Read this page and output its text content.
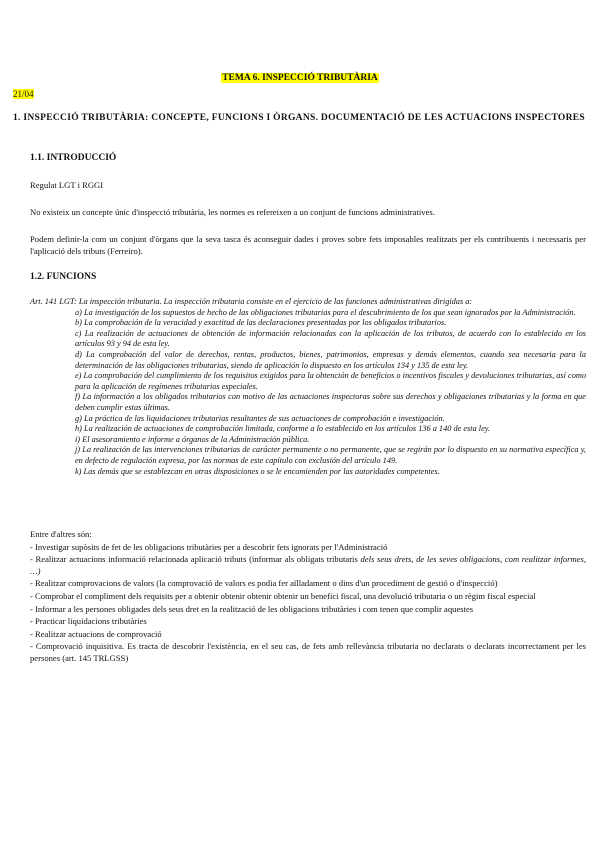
TEMA 6. INSPECCIÓ TRIBUTÀRIA
21/04
1. INSPECCIÓ TRIBUTÀRIA: CONCEPTE, FUNCIONS I ÒRGANS. DOCUMENTACIÓ DE LES ACTUACIONS INSPECTORES
1.1. INTRODUCCIÓ
Regulat LGT i RGGI
No existeix un concepte únic d'inspecció tributària, les normes es refereixen a un conjunt de funcions administratives.
Podem definir-la com un conjunt d'òrgans que la seva tasca és aconseguir dades i proves sobre fets imposables realitzats per els contribuents i necessaris per l'aplicació dels tributs (Ferreiro).
1.2. FUNCIONS
Art. 141 LGT: La inspección tributaria. La inspección tributaria consiste en el ejercicio de las funciones administrativas dirigidas a:
a) La investigación de los supuestos de hecho de las obligaciones tributarias para el descubrimiento de los que sean ignorados por la Administración.
b) La comprobación de la veracidad y exactitud de las declaraciones presentadas por los obligados tributarios.
c) La realización de actuaciones de obtención de información relacionadas con la aplicación de los tributos, de acuerdo con lo establecido en los artículos 93 y 94 de esta ley.
d) La comprobación del valor de derechos, rentas, productos, bienes, patrimonios, empresas y demás elementos, cuando sea necesaria para la determinación de las obligaciones tributarias, siendo de aplicación lo dispuesto en los artículos 134 y 135 de esta ley.
e) La comprobación del cumplimiento de los requisitos exigidos para la obtención de beneficios o incentivos fiscales y devoluciones tributarias, así como para la aplicación de regímenes tributarios especiales.
f) La información a los obligados tributarios con motivo de las actuaciones inspectoras sobre sus derechos y obligaciones tributarias y la forma en que deben cumplir estas últimas.
g) La práctica de las liquidaciones tributarias resultantes de sus actuaciones de comprobación e investigación.
h) La realización de actuaciones de comprobación limitada, conforme a lo establecido en los artículos 136 a 140 de esta ley.
i) El asesoramiento e informe a órganos de la Administración pública.
j) La realización de las intervenciones tributarias de carácter permanente o no permanente, que se regirán por lo dispuesto en su normativa específica y, en defecto de regulación expresa, por las normas de este capítulo con exclusión del artículo 149.
k) Las demás que se establezcan en otras disposiciones o se le encomienden por las autoridades competentes.
Entre d'altres són:
- Investigar supòsits de fet de les obligacions tributàries per a descobrir fets ignorats per l'Administració
- Realitzar actuacions informació relacionada aplicació tributs (informar als obligats tributaris dels seus drets, de les seves obligacions, com realitzar informes, …)
- Realitzar comprovacions de valors (la comprovació de valors es podia fer aïlladament o dins d'un procediment de gestió o d'inspecció)
- Comprobar el compliment dels requisits per a obtenir obtenir obtenir obtenir un benefici fiscal, una devolució tributaria o un règim fiscal especial
- Informar a les persones obligades dels seus dret en la realització de les obligacions tributàries i com tenen que complir aquestes
- Practicar liquidacions tributàries
- Realitzar actuacions de comprovació
- Comprovació inquisitiva. Es tracta de descobrir l'existència, en el seu cas, de fets amb rellevància tributaria no declarats o declarats incorrectament per les persones (art. 145 TRLGSS)
